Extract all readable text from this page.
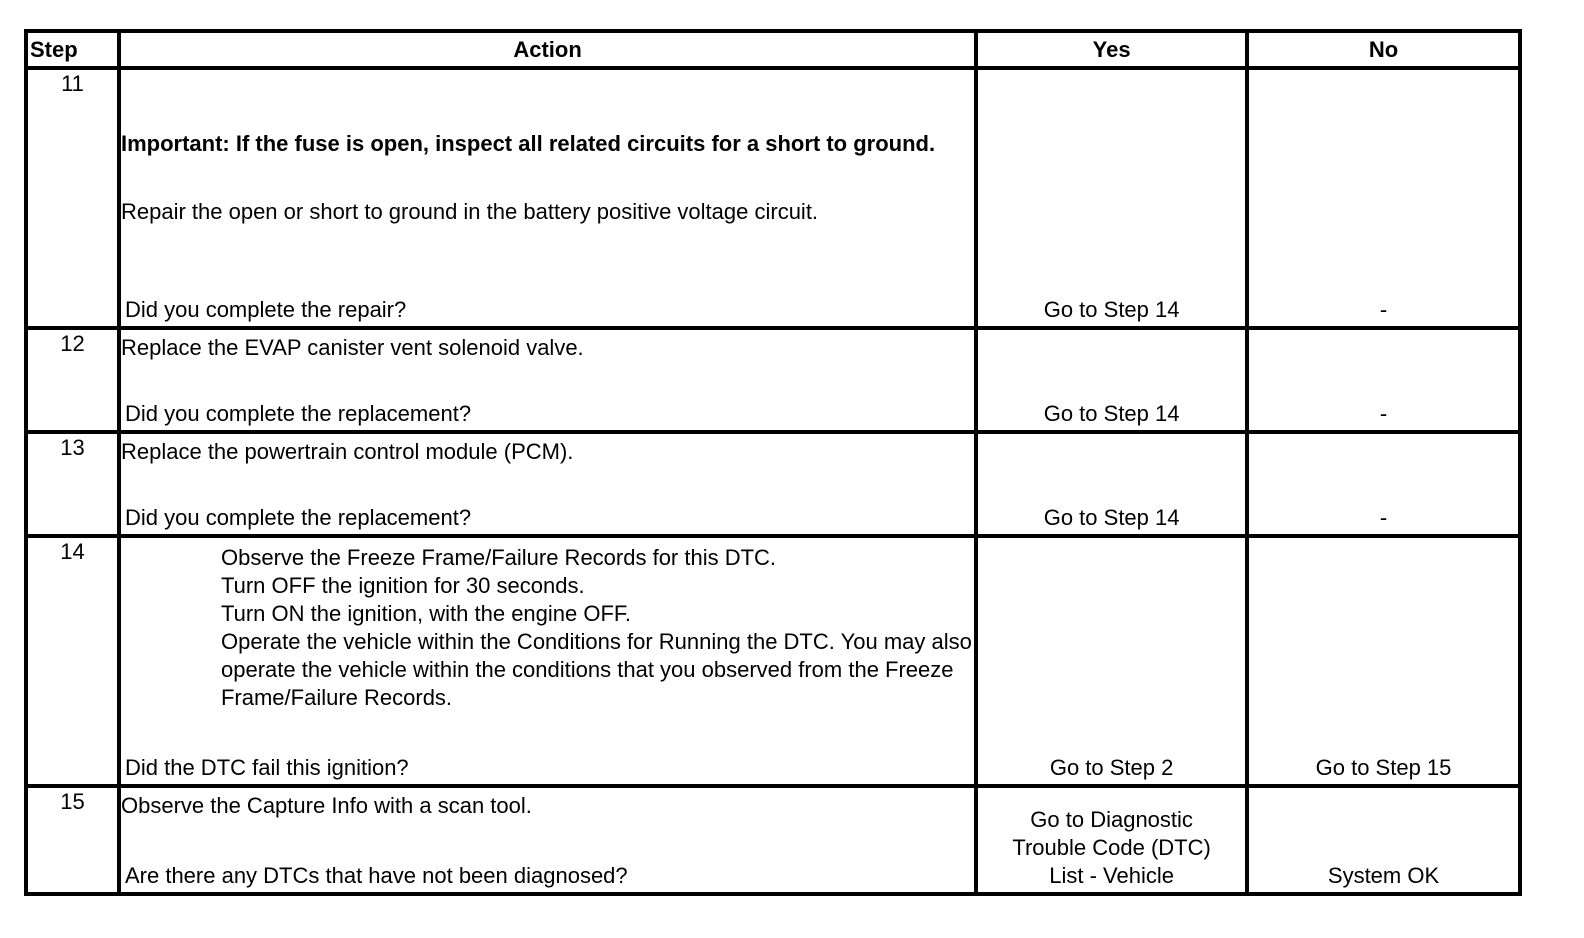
Step	Action	Yes	No
11	Important: If the fuse is open, inspect all related circuits for a short to ground.
Repair the open or short to ground in the battery positive voltage circuit.
Did you complete the repair?	Go to Step 14	-

12	Replace the EVAP canister vent solenoid valve.
Did you complete the replacement?	Go to Step 14	-

13	Replace the powertrain control module (PCM).
Did you complete the replacement?	Go to Step 14	-

14	Observe the Freeze Frame/Failure Records for this DTC.
Turn OFF the ignition for 30 seconds.
Turn ON the ignition, with the engine OFF.
Operate the vehicle within the Conditions for Running the DTC. You may also operate the vehicle within the conditions that you observed from the Freeze Frame/Failure Records.
Did the DTC fail this ignition?	Go to Step 2	Go to Step 15

15	Observe the Capture Info with a scan tool.
Are there any DTCs that have not been diagnosed?	Go to Diagnostic Trouble Code (DTC) List - Vehicle	System OK
